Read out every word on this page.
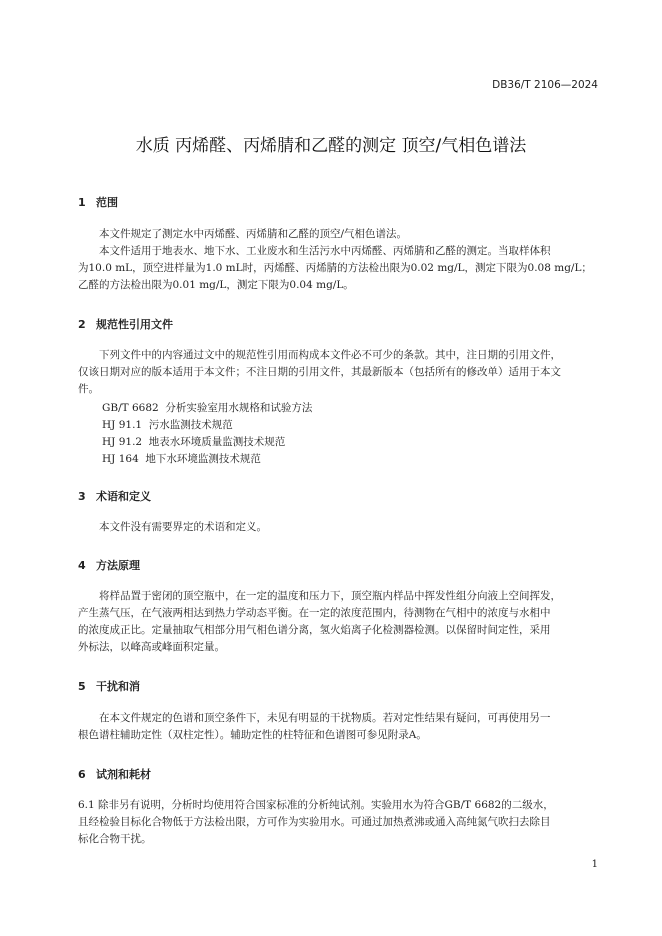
DB36/T 2106—2024
水质 丙烯醛、丙烯腈和乙醛的测定 顶空/气相色谱法
1 范围
本文件规定了测定水中丙烯醛、丙烯腈和乙醛的顶空/气相色谱法。
本文件适用于地表水、地下水、工业废水和生活污水中丙烯醛、丙烯腈和乙醛的测定。当取样体积
为10.0 mL，顶空进样量为1.0 mL时，丙烯醛、丙烯腈的方法检出限为0.02 mg/L，测定下限为0.08 mg/L；
乙醛的方法检出限为0.01 mg/L，测定下限为0.04 mg/L。
2 规范性引用文件
下列文件中的内容通过文中的规范性引用而构成本文件必不可少的条款。其中，注日期的引用文件，
仅该日期对应的版本适用于本文件；不注日期的引用文件，其最新版本（包括所有的修改单）适用于本文
件。
GB/T 6682  分析实验室用水规格和试验方法
HJ 91.1  污水监测技术规范
HJ 91.2  地表水环境质量监测技术规范
HJ 164  地下水环境监测技术规范
3 术语和定义
本文件没有需要界定的术语和定义。
4 方法原理
将样品置于密闭的顶空瓶中，在一定的温度和压力下，顶空瓶内样品中挥发性组分向液上空间挥发，
产生蒸气压，在气液两相达到热力学动态平衡。在一定的浓度范围内，待测物在气相中的浓度与水相中
的浓度成正比。定量抽取气相部分用气相色谱分离，氢火焰离子化检测器检测。以保留时间定性，采用
外标法，以峰高或峰面积定量。
5 干扰和消
在本文件规定的色谱和顶空条件下，未见有明显的干扰物质。若对定性结果有疑问，可再使用另一
根色谱柱辅助定性（双柱定性）。辅助定性的柱特征和色谱图可参见附录A。
6 试剂和耗材
6.1 除非另有说明，分析时均使用符合国家标准的分析纯试剂。实验用水为符合GB/T 6682的二级水，
且经检验目标化合物低于方法检出限，方可作为实验用水。可通过加热煮沸或通入高纯氮气吹扫去除目
标化合物干扰。
1
